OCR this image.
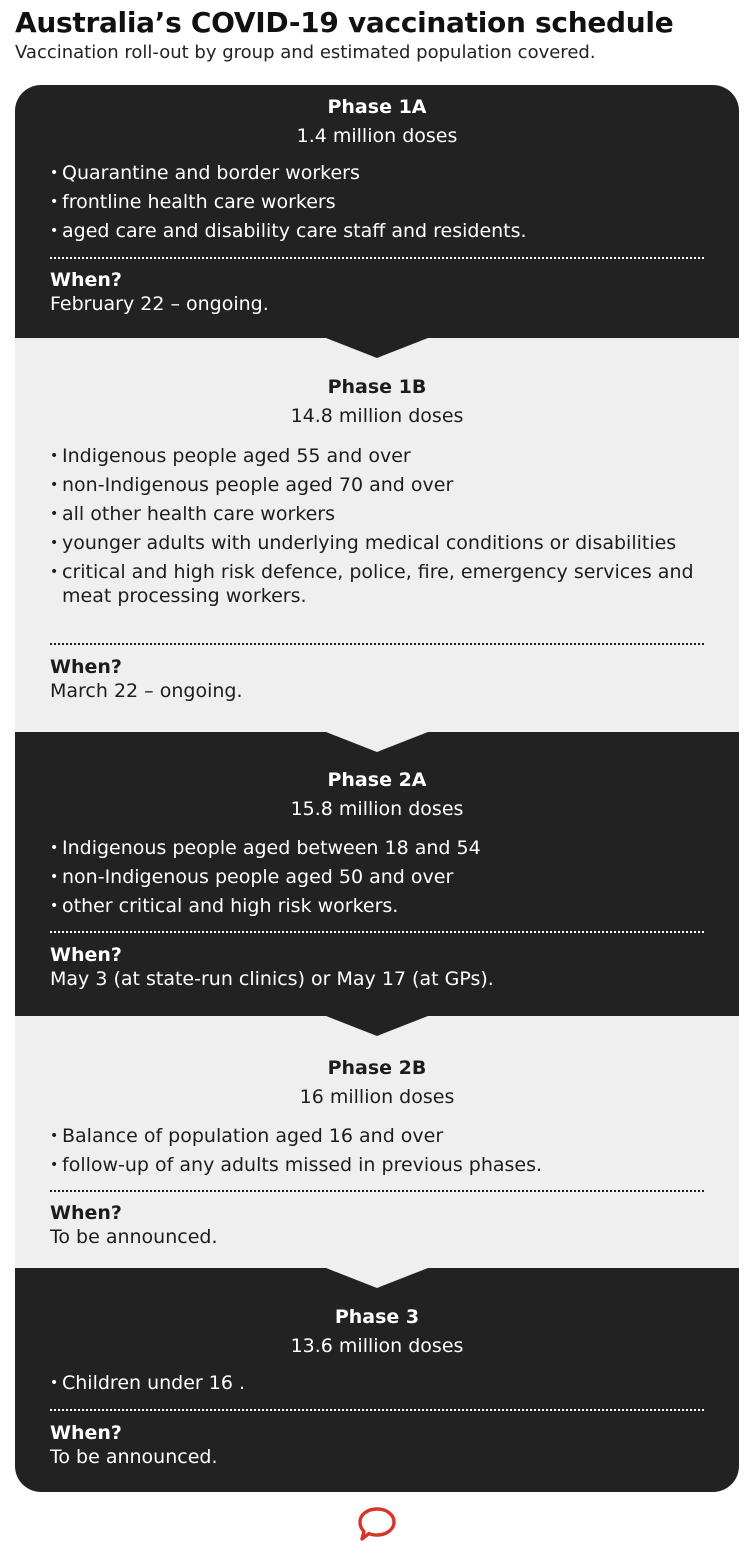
Australia’s COVID-19 vaccination schedule

Vaccination roll-out by group and estimated population covered.

Phase 1A
1.4 million doses
• Quarantine and border workers
• frontline health care workers
• aged care and disability care staff and residents.
When?
February 22 – ongoing.
Phase 1B
14.8 million doses
• Indigenous people aged 55 and over
• non-Indigenous people aged 70 and over
• all other health care workers
• younger adults with underlying medical conditions or disabilities
• critical and high risk defence, police, fire, emergency services and meat processing workers.
When?
March 22 – ongoing.
Phase 2A
15.8 million doses
• Indigenous people aged between 18 and 54
• non-Indigenous people aged 50 and over
• other critical and high risk workers.
When?
May 3 (at state-run clinics) or May 17 (at GPs).
Phase 2B
16 million doses
• Balance of population aged 16 and over
• follow-up of any adults missed in previous phases.
When?
To be announced.
Phase 3
13.6 million doses
• Children under 16 .
When?
To be announced.
